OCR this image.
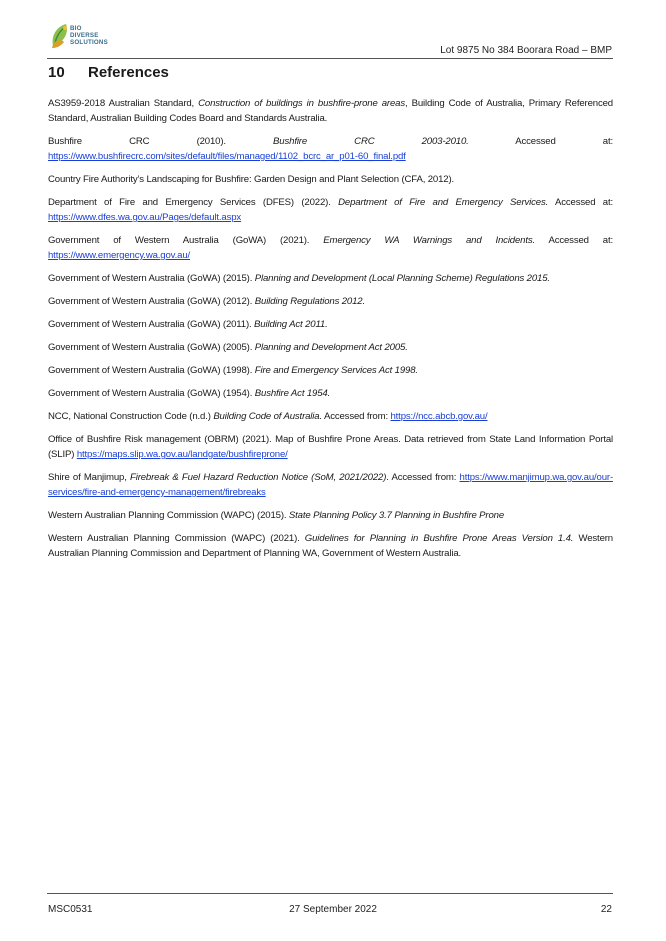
BIO
DIVERSE
SOLUTIONS
Lot 9875 No 384 Boorara Road – BMP
10 References

AS3959-2018 Australian Standard, Construction of buildings in bushfire-prone areas, Building Code of Australia, Primary Referenced Standard, Australian Building Codes Board and Standards Australia.

Bushfire CRC (2010). Bushfire CRC 2003-2010. Accessed at: https://www.bushfirecrc.com/sites/default/files/managed/1102_bcrc_ar_p01-60_final.pdf

Country Fire Authority’s Landscaping for Bushfire: Garden Design and Plant Selection (CFA, 2012).

Department of Fire and Emergency Services (DFES) (2022). Department of Fire and Emergency Services. Accessed at: https://www.dfes.wa.gov.au/Pages/default.aspx

Government of Western Australia (GoWA) (2021). Emergency WA Warnings and Incidents. Accessed at: https://www.emergency.wa.gov.au/

Government of Western Australia (GoWA) (2015). Planning and Development (Local Planning Scheme) Regulations 2015.

Government of Western Australia (GoWA) (2012). Building Regulations 2012.

Government of Western Australia (GoWA) (2011). Building Act 2011.

Government of Western Australia (GoWA) (2005). Planning and Development Act 2005.

Government of Western Australia (GoWA) (1998). Fire and Emergency Services Act 1998.

Government of Western Australia (GoWA) (1954). Bushfire Act 1954.

NCC, National Construction Code (n.d.) Building Code of Australia. Accessed from: https://ncc.abcb.gov.au/

Office of Bushfire Risk management (OBRM) (2021). Map of Bushfire Prone Areas. Data retrieved from State Land Information Portal (SLIP) https://maps.slip.wa.gov.au/landgate/bushfireprone/

Shire of Manjimup, Firebreak & Fuel Hazard Reduction Notice (SoM, 2021/2022). Accessed from: https://www.manjimup.wa.gov.au/our-services/fire-and-emergency-management/firebreaks

Western Australian Planning Commission (WAPC) (2015). State Planning Policy 3.7 Planning in Bushfire Prone

Western Australian Planning Commission (WAPC) (2021). Guidelines for Planning in Bushfire Prone Areas Version 1.4. Western Australian Planning Commission and Department of Planning WA, Government of Western Australia.

MSC0531	27 September 2022	22
